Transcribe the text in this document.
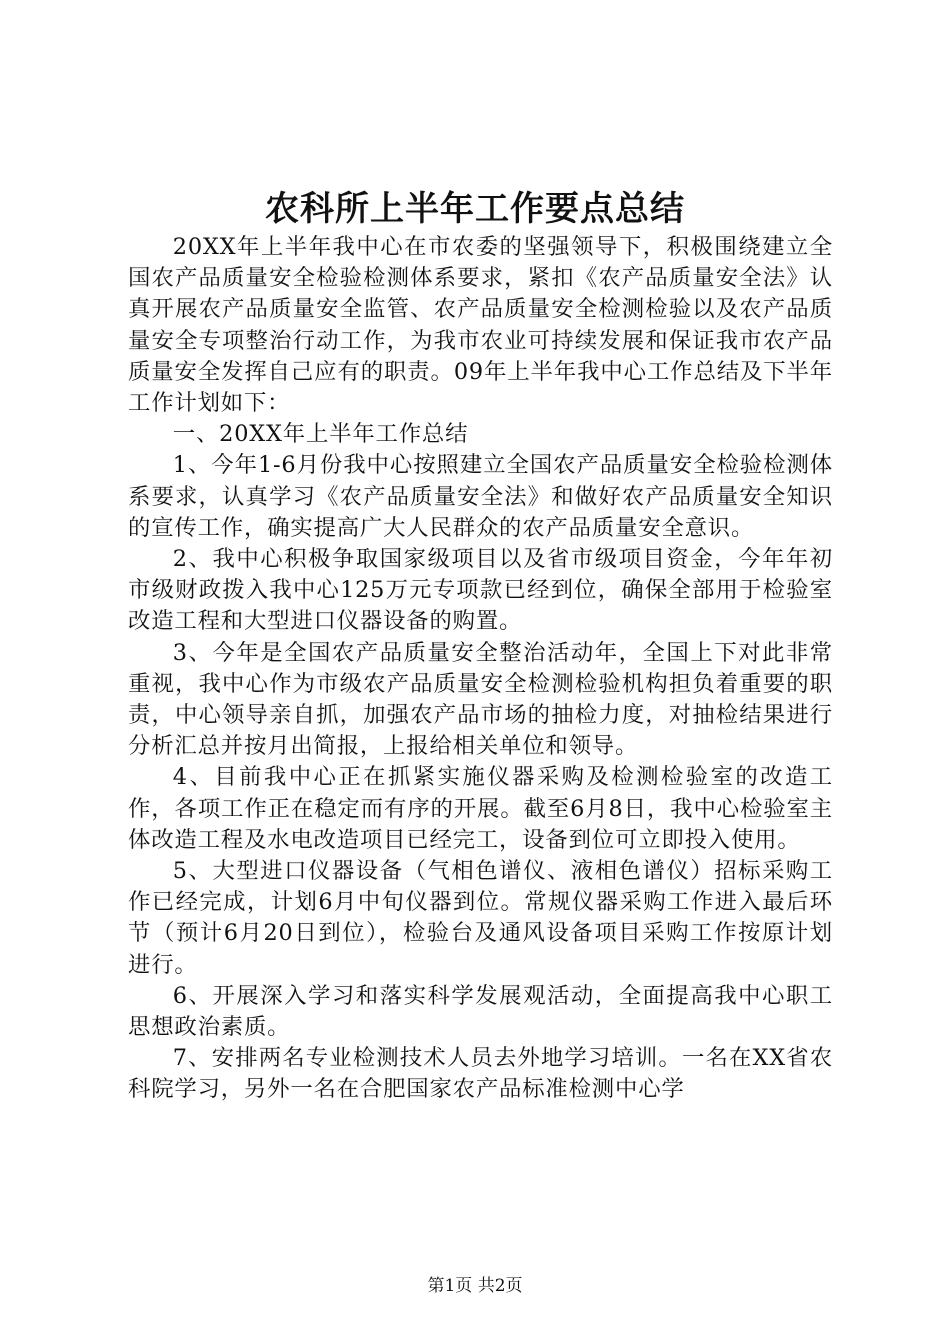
农科所上半年工作要点总结

20XX年上半年我中心在市农委的坚强领导下，积极围绕建立全国农产品质量安全检验检测体系要求，紧扣《农产品质量安全法》认真开展农产品质量安全监管、农产品质量安全检测检验以及农产品质量安全专项整治行动工作，为我市农业可持续发展和保证我市农产品质量安全发挥自己应有的职责。09年上半年我中心工作总结及下半年工作计划如下：

一、20XX年上半年工作总结

1、今年1-6月份我中心按照建立全国农产品质量安全检验检测体系要求，认真学习《农产品质量安全法》和做好农产品质量安全知识的宣传工作，确实提高广大人民群众的农产品质量安全意识。

2、我中心积极争取国家级项目以及省市级项目资金，今年年初市级财政拨入我中心125万元专项款已经到位，确保全部用于检验室改造工程和大型进口仪器设备的购置。

3、今年是全国农产品质量安全整治活动年，全国上下对此非常重视，我中心作为市级农产品质量安全检测检验机构担负着重要的职责，中心领导亲自抓，加强农产品市场的抽检力度，对抽检结果进行分析汇总并按月出简报，上报给相关单位和领导。

4、目前我中心正在抓紧实施仪器采购及检测检验室的改造工作，各项工作正在稳定而有序的开展。截至6月8日，我中心检验室主体改造工程及水电改造项目已经完工，设备到位可立即投入使用。

5、大型进口仪器设备（气相色谱仪、液相色谱仪）招标采购工作已经完成，计划6月中旬仪器到位。常规仪器采购工作进入最后环节（预计6月20日到位），检验台及通风设备项目采购工作按原计划进行。

6、开展深入学习和落实科学发展观活动，全面提高我中心职工思想政治素质。

7、安排两名专业检测技术人员去外地学习培训。一名在XX省农科院学习，另外一名在合肥国家农产品标准检测中心学

第1页 共2页
